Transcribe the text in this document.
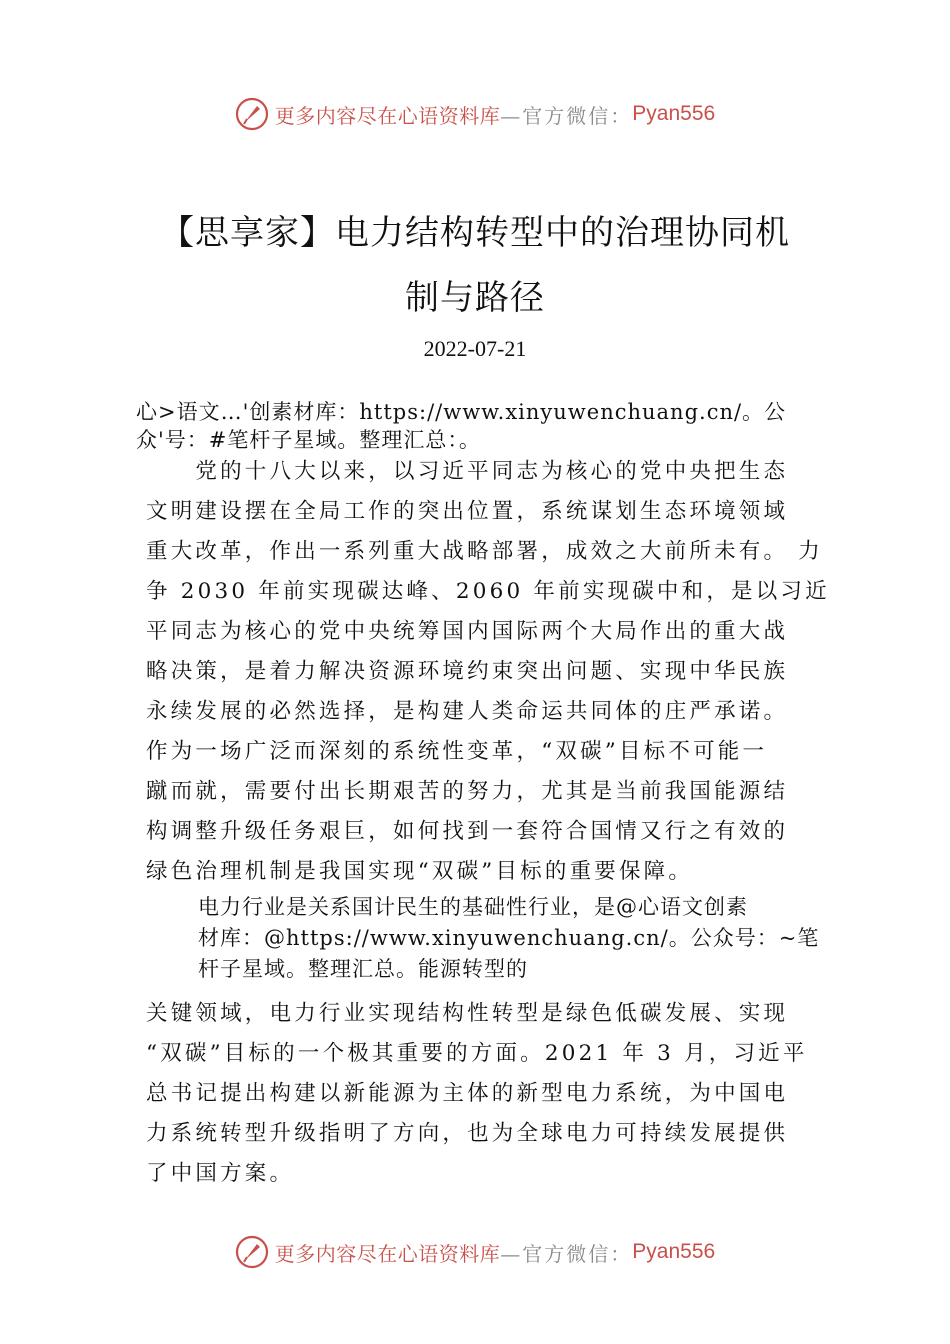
更多内容尽在心语资料库 —官方微信： Pyan556
【思享家】电力结构转型中的治理协同机
制与路径
2022-07-21
心>语文…'创素材库：https://www.xinyuwenchuang.cn/。公
众'号：#笔杆子星域。整理汇总：。
　　党的十八大以来，以习近平同志为核心的党中央把生态
文明建设摆在全局工作的突出位置，系统谋划生态环境领域
重大改革，作出一系列重大战略部署，成效之大前所未有。 力
争 2030 年前实现碳达峰、2060 年前实现碳中和，是以习近
平同志为核心的党中央统筹国内国际两个大局作出的重大战
略决策，是着力解决资源环境约束突出问题、实现中华民族
永续发展的必然选择，是构建人类命运共同体的庄严承诺。
作为一场广泛而深刻的系统性变革，“双碳”目标不可能一
蹴而就，需要付出长期艰苦的努力，尤其是当前我国能源结
构调整升级任务艰巨，如何找到一套符合国情又行之有效的
绿色治理机制是我国实现“双碳”目标的重要保障。
电力行业是关系国计民生的基础性行业，是@心语文创素
材库：@https://www.xinyuwenchuang.cn/。公众号：~笔
杆子星域。整理汇总。能源转型的
关键领域，电力行业实现结构性转型是绿色低碳发展、实现
“双碳”目标的一个极其重要的方面。2021 年 3 月，习近平
总书记提出构建以新能源为主体的新型电力系统，为中国电
力系统转型升级指明了方向，也为全球电力可持续发展提供
了中国方案。
更多内容尽在心语资料库 —官方微信： Pyan556
